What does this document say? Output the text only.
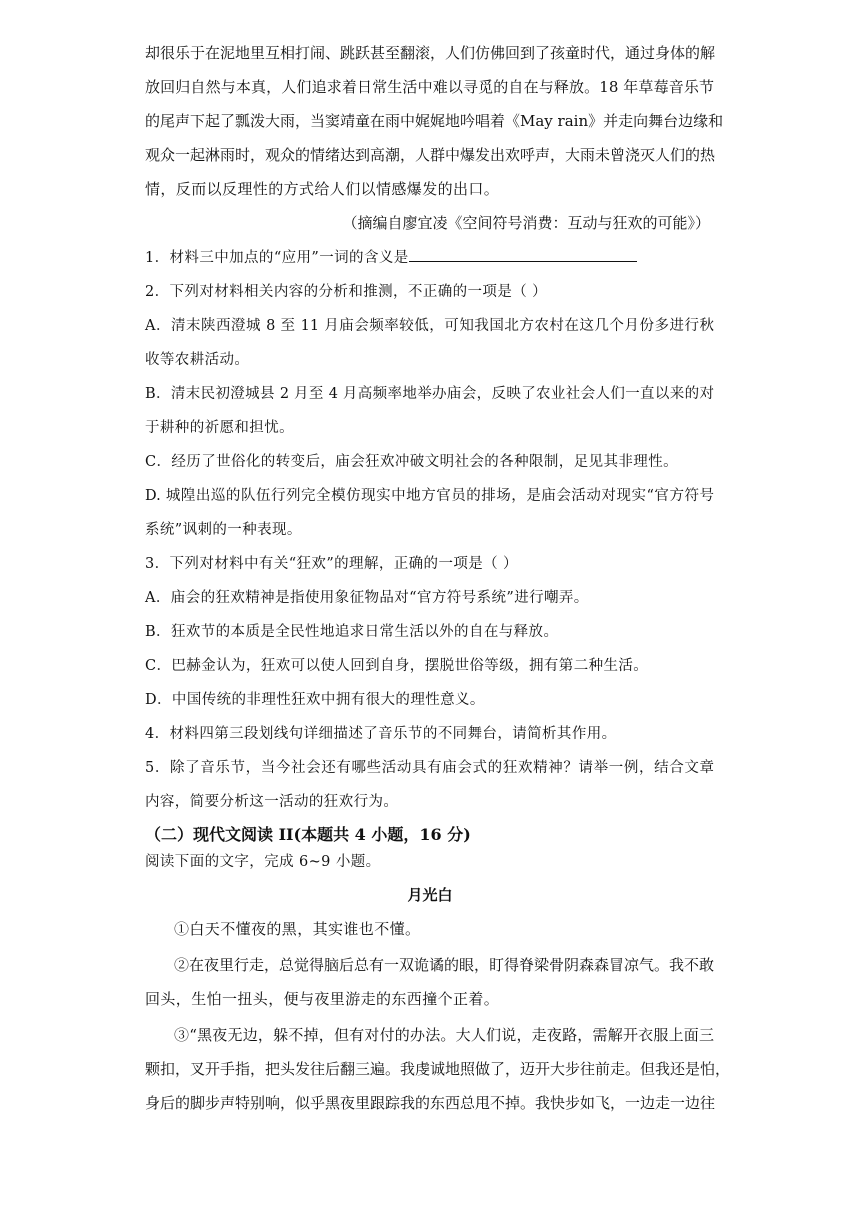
却很乐于在泥地里互相打闹、跳跃甚至翻滚，人们仿佛回到了孩童时代，通过身体的解
放回归自然与本真，人们追求着日常生活中难以寻觅的自在与释放。18 年草莓音乐节
的尾声下起了瓢泼大雨，当窦靖童在雨中娓娓地吟唱着《May rain》并走向舞台边缘和
观众一起淋雨时，观众的情绪达到高潮，人群中爆发出欢呼声，大雨未曾浇灭人们的热
情，反而以反理性的方式给人们以情感爆发的出口。
（摘编自廖宜凌《空间符号消费：互动与狂欢的可能》）
1．材料三中加点的“应用”一词的含义是
2．下列对材料相关内容的分析和推测，不正确的一项是（ ）
A．清末陕西澄城 8 至 11 月庙会频率较低，可知我国北方农村在这几个月份多进行秋
收等农耕活动。
B．清末民初澄城县 2 月至 4 月高频率地举办庙会，反映了农业社会人们一直以来的对
于耕种的祈愿和担忧。
C．经历了世俗化的转变后，庙会狂欢冲破文明社会的各种限制，足见其非理性。
D. 城隍出巡的队伍行列完全模仿现实中地方官员的排场，是庙会活动对现实“官方符号
系统”讽刺的一种表现。
3．下列对材料中有关“狂欢”的理解，正确的一项是（ ）
A．庙会的狂欢精神是指使用象征物品对“官方符号系统”进行嘲弄。
B．狂欢节的本质是全民性地追求日常生活以外的自在与释放。
C．巴赫金认为，狂欢可以使人回到自身，摆脱世俗等级，拥有第二种生活。
D．中国传统的非理性狂欢中拥有很大的理性意义。
4．材料四第三段划线句详细描述了音乐节的不同舞台，请简析其作用。
5．除了音乐节，当今社会还有哪些活动具有庙会式的狂欢精神？请举一例，结合文章
内容，简要分析这一活动的狂欢行为。
（二）现代文阅读 II(本题共 4 小题，16 分)
阅读下面的文字，完成 6~9 小题。
月光白
①白天不懂夜的黑，其实谁也不懂。
②在夜里行走，总觉得脑后总有一双诡谲的眼，盯得脊梁骨阴森森冒凉气。我不敢
回头，生怕一扭头，便与夜里游走的东西撞个正着。
③“黑夜无边，躲不掉，但有对付的办法。大人们说，走夜路，需解开衣服上面三
颗扣，叉开手指，把头发往后翻三遍。我虔诚地照做了，迈开大步往前走。但我还是怕，
身后的脚步声特别响，似乎黑夜里跟踪我的东西总甩不掉。我快步如飞，一边走一边往
